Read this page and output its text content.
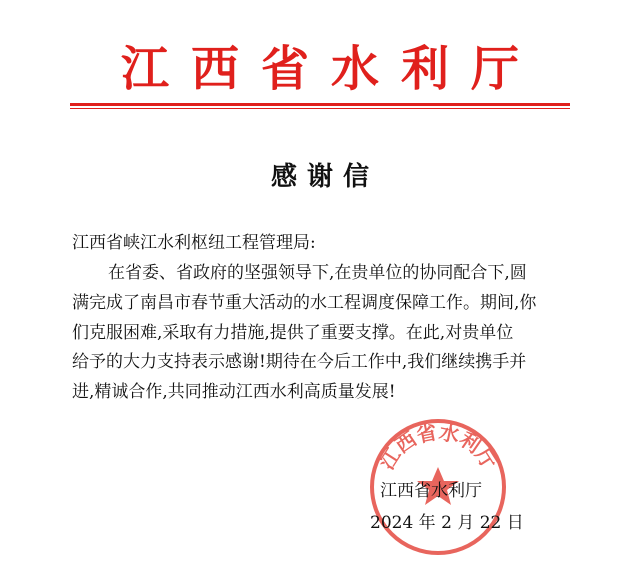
江西省水利厅
感谢信
江西省峡江水利枢纽工程管理局:
在省委、省政府的坚强领导下,在贵单位的协同配合下,圆
满完成了南昌市春节重大活动的水工程调度保障工作。期间,你
们克服困难,采取有力措施,提供了重要支撑。在此,对贵单位
给予的大力支持表示感谢!期待在今后工作中,我们继续携手并
进,精诚合作,共同推动江西水利高质量发展!
江西省水利厅
江西省水利厅
2024 年 2 月 22 日
